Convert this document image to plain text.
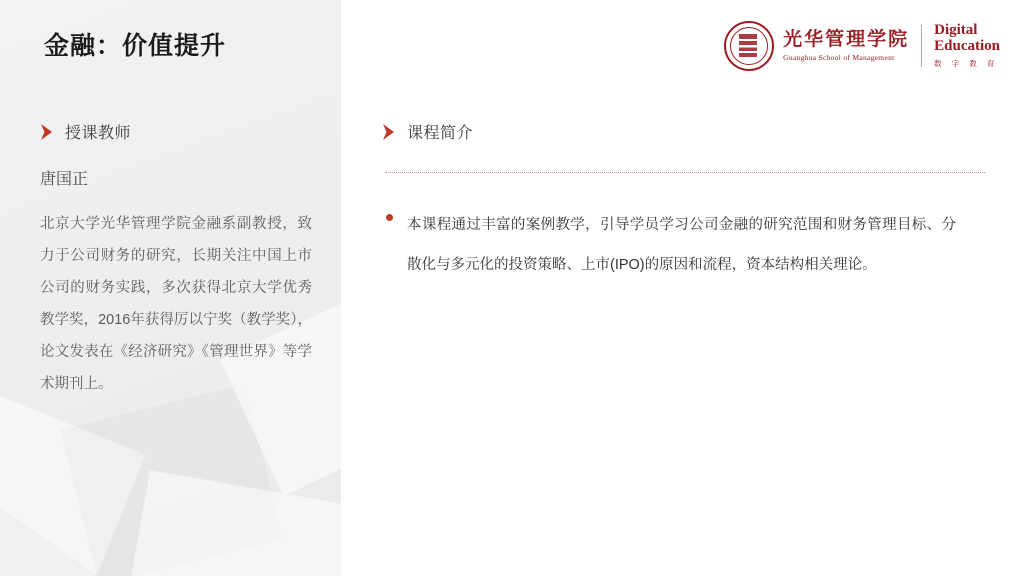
金融：价值提升	光华管理学院
Guanghua School of Management
Digital
Education
数 字 教 育
授课教师
唐国正
北京大学光华管理学院金融系副教授，致力于公司财务的研究，长期关注中国上市公司的财务实践，多次获得北京大学优秀教学奖，2016年获得厉以宁奖（教学奖），论文发表在《经济研究》《管理世界》等学术期刊上。
课程简介
本课程通过丰富的案例教学，引导学员学习公司金融的研究范围和财务管理目标、分散化与多元化的投资策略、上市(IPO)的原因和流程，资本结构相关理论。
